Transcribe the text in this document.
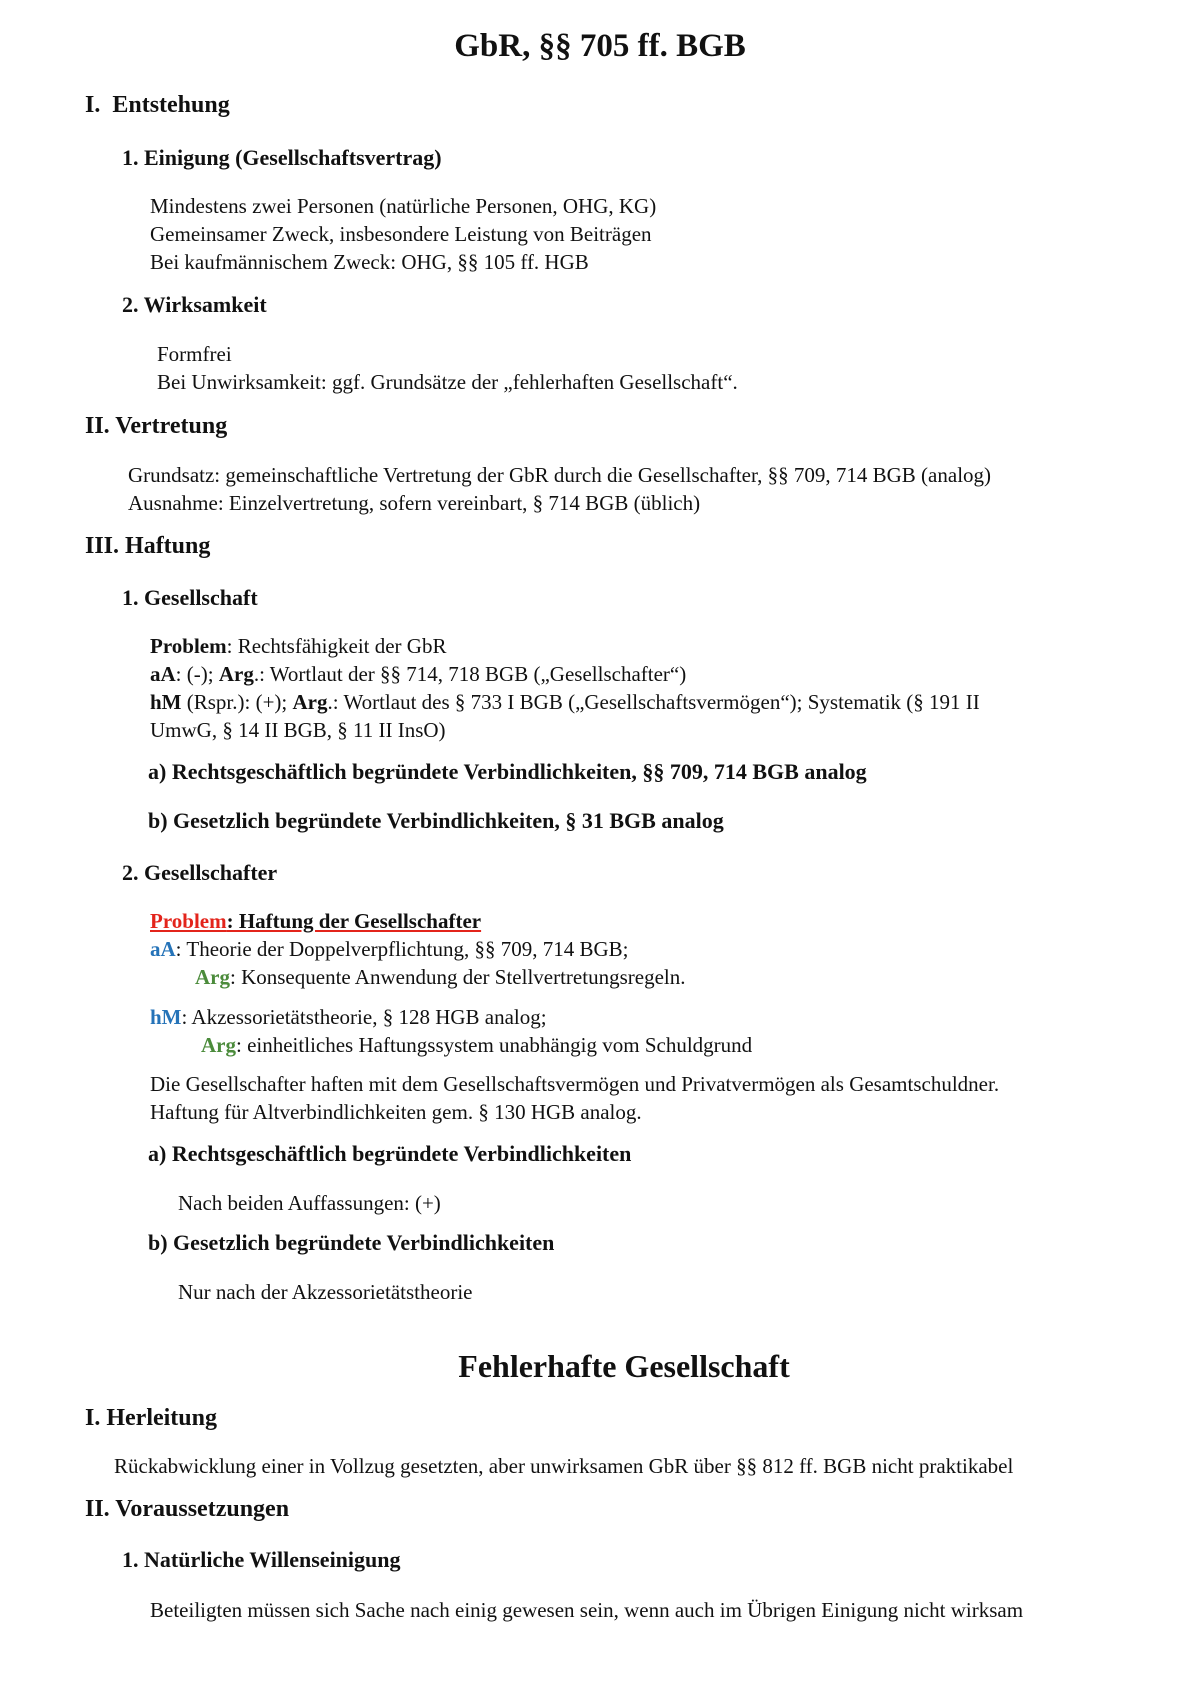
GbR, §§ 705 ff. BGB
I. Entstehung
1. Einigung (Gesellschaftsvertrag)
Mindestens zwei Personen (natürliche Personen, OHG, KG)
Gemeinsamer Zweck, insbesondere Leistung von Beiträgen
Bei kaufmännischem Zweck: OHG, §§ 105 ff. HGB
2. Wirksamkeit
Formfrei
Bei Unwirksamkeit: ggf. Grundsätze der „fehlerhaften Gesellschaft“.
II. Vertretung
Grundsatz: gemeinschaftliche Vertretung der GbR durch die Gesellschafter, §§ 709, 714 BGB (analog)
Ausnahme: Einzelvertretung, sofern vereinbart, § 714 BGB (üblich)
III. Haftung
1. Gesellschaft
Problem: Rechtsfähigkeit der GbR
aA: (-); Arg.: Wortlaut der §§ 714, 718 BGB („Gesellschafter“)
hM (Rspr.): (+); Arg.: Wortlaut des § 733 I BGB („Gesellschaftsvermögen“); Systematik (§ 191 II
UmwG, § 14 II BGB, § 11 II InsO)
a) Rechtsgeschäftlich begründete Verbindlichkeiten, §§ 709, 714 BGB analog
b) Gesetzlich begründete Verbindlichkeiten, § 31 BGB analog
2. Gesellschafter
Problem: Haftung der Gesellschafter
aA: Theorie der Doppelverpflichtung, §§ 709, 714 BGB;
Arg: Konsequente Anwendung der Stellvertretungsregeln.
hM: Akzessorietätstheorie, § 128 HGB analog;
Arg: einheitliches Haftungssystem unabhängig vom Schuldgrund
Die Gesellschafter haften mit dem Gesellschaftsvermögen und Privatvermögen als Gesamtschuldner.
Haftung für Altverbindlichkeiten gem. § 130 HGB analog.
a) Rechtsgeschäftlich begründete Verbindlichkeiten
Nach beiden Auffassungen: (+)
b) Gesetzlich begründete Verbindlichkeiten
Nur nach der Akzessorietätstheorie
Fehlerhafte Gesellschaft
I. Herleitung
Rückabwicklung einer in Vollzug gesetzten, aber unwirksamen GbR über §§ 812 ff. BGB nicht praktikabel
II. Voraussetzungen
1. Natürliche Willenseinigung
Beteiligten müssen sich Sache nach einig gewesen sein, wenn auch im Übrigen Einigung nicht wirksam
